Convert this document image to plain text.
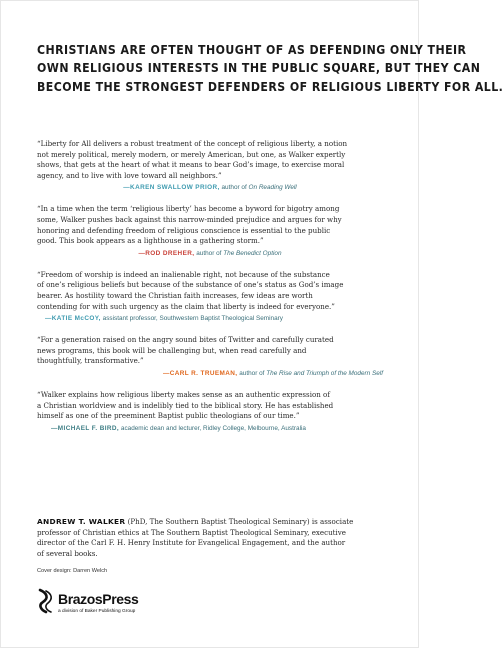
CHRISTIANS ARE OFTEN THOUGHT OF AS DEFENDING ONLY THEIR
OWN RELIGIOUS INTERESTS IN THE PUBLIC SQUARE, BUT THEY CAN
BECOME THE STRONGEST DEFENDERS OF RELIGIOUS LIBERTY FOR ALL.

“Liberty for All delivers a robust treatment of the concept of religious liberty, a notion
not merely political, merely modern, or merely American, but one, as Walker expertly
shows, that gets at the heart of what it means to bear God’s image, to exercise moral
agency, and to live with love toward all neighbors.”

—KAREN SWALLOW PRIOR, author of On Reading Well

“In a time when the term ‘religious liberty’ has become a byword for bigotry among
some, Walker pushes back against this narrow-minded prejudice and argues for why
honoring and defending freedom of religious conscience is essential to the public
good. This book appears as a lighthouse in a gathering storm.”

—ROD DREHER, author of The Benedict Option

“Freedom of worship is indeed an inalienable right, not because of the substance
of one’s religious beliefs but because of the substance of one’s status as God’s image
bearer. As hostility toward the Christian faith increases, few ideas are worth
contending for with such urgency as the claim that liberty is indeed for everyone.”

—KATIE McCOY, assistant professor, Southwestern Baptist Theological Seminary

“For a generation raised on the angry sound bites of Twitter and carefully curated
news programs, this book will be challenging but, when read carefully and
thoughtfully, transformative.”

—CARL R. TRUEMAN, author of The Rise and Triumph of the Modern Self

“Walker explains how religious liberty makes sense as an authentic expression of
a Christian worldview and is indelibly tied to the biblical story. He has established
himself as one of the preeminent Baptist public theologians of our time.”

—MICHAEL F. BIRD, academic dean and lecturer, Ridley College, Melbourne, Australia

ANDREW T. WALKER (PhD, The Southern Baptist Theological Seminary) is associate
professor of Christian ethics at The Southern Baptist Theological Seminary, executive
director of the Carl F. H. Henry Institute for Evangelical Engagement, and the author
of several books.

Cover design: Darren Welch
BrazosPress
a division of Baker Publishing Group
